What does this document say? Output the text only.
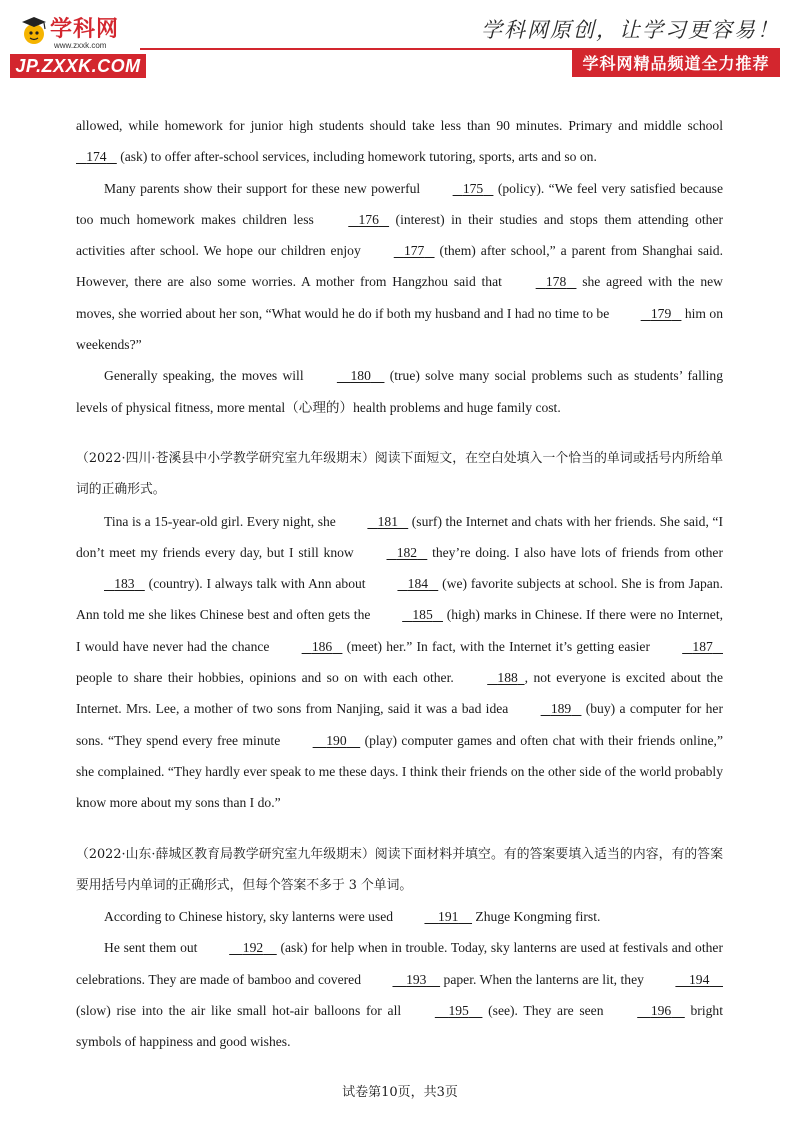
学科网
www.zxxk.com
JP.ZXXK.COM
学科网原创，让学习更容易！
学科网精品频道全力推荐

allowed, while homework for junior high students should take less than 90 minutes. Primary and middle school    174    (ask) to offer after-school services, including homework tutoring, sports, arts and so on.

Many parents show their support for these new powerful	175    (policy). “We feel very satisfied because too much homework makes children less	176    (interest) in their studies and stops them attending other activities after school. We hope our children enjoy	177    (them) after school,” a parent from Shanghai said. However, there are also some worries. A mother from Hangzhou said that	178    she agreed with the new moves, she worried about her son, “What would he do if both my husband and I had no time to be	179    him on weekends?”

Generally speaking, the moves will	180     (true) solve many social problems such as students’ falling levels of physical fitness, more mental（心理的）health problems and huge family cost.

（2022·四川·苍溪县中小学教学研究室九年级期末）阅读下面短文，在空白处填入一个恰当的单词或括号内所给单词的正确形式。

Tina is a 15-year-old girl. Every night, she	181    (surf) the Internet and chats with her friends. She said, “I don’t meet my friends every day, but I still know	182    they’re doing. I also have lots of friends from other    183    (country). I always talk with Ann about	184    (we) favorite subjects at school. She is from Japan. Ann told me she likes Chinese best and often gets the	185    (high) marks in Chinese. If there were no Internet, I would have never had the chance	186    (meet) her.” In fact, with the Internet it’s getting easier	187    people to share their hobbies, opinions and so on with each other.	188 , not everyone is excited about the Internet. Mrs. Lee, a mother of two sons from Nanjing, said it was a bad idea	189    (buy) a computer for her sons. “They spend every free minute	190     (play) computer games and often chat with their friends online,” she complained. “They hardly ever speak to me these days. I think their friends on the other side of the world probably know more about my sons than I do.”

（2022·山东·薛城区教育局教学研究室九年级期末）阅读下面材料并填空。有的答案要填入适当的内容，有的答案要用括号内单词的正确形式，但每个答案不多于 3 个单词。

According to Chinese history, sky lanterns were used	191     Zhuge Kongming first.

He sent them out	192     (ask) for help when in trouble. Today, sky lanterns are used at festivals and other celebrations. They are made of bamboo and covered	193     paper. When the lanterns are lit, they	194     (slow) rise into the air like small hot-air balloons for all	195     (see). They are seen	196     bright symbols of happiness and good wishes.

试卷第10页，共3页
